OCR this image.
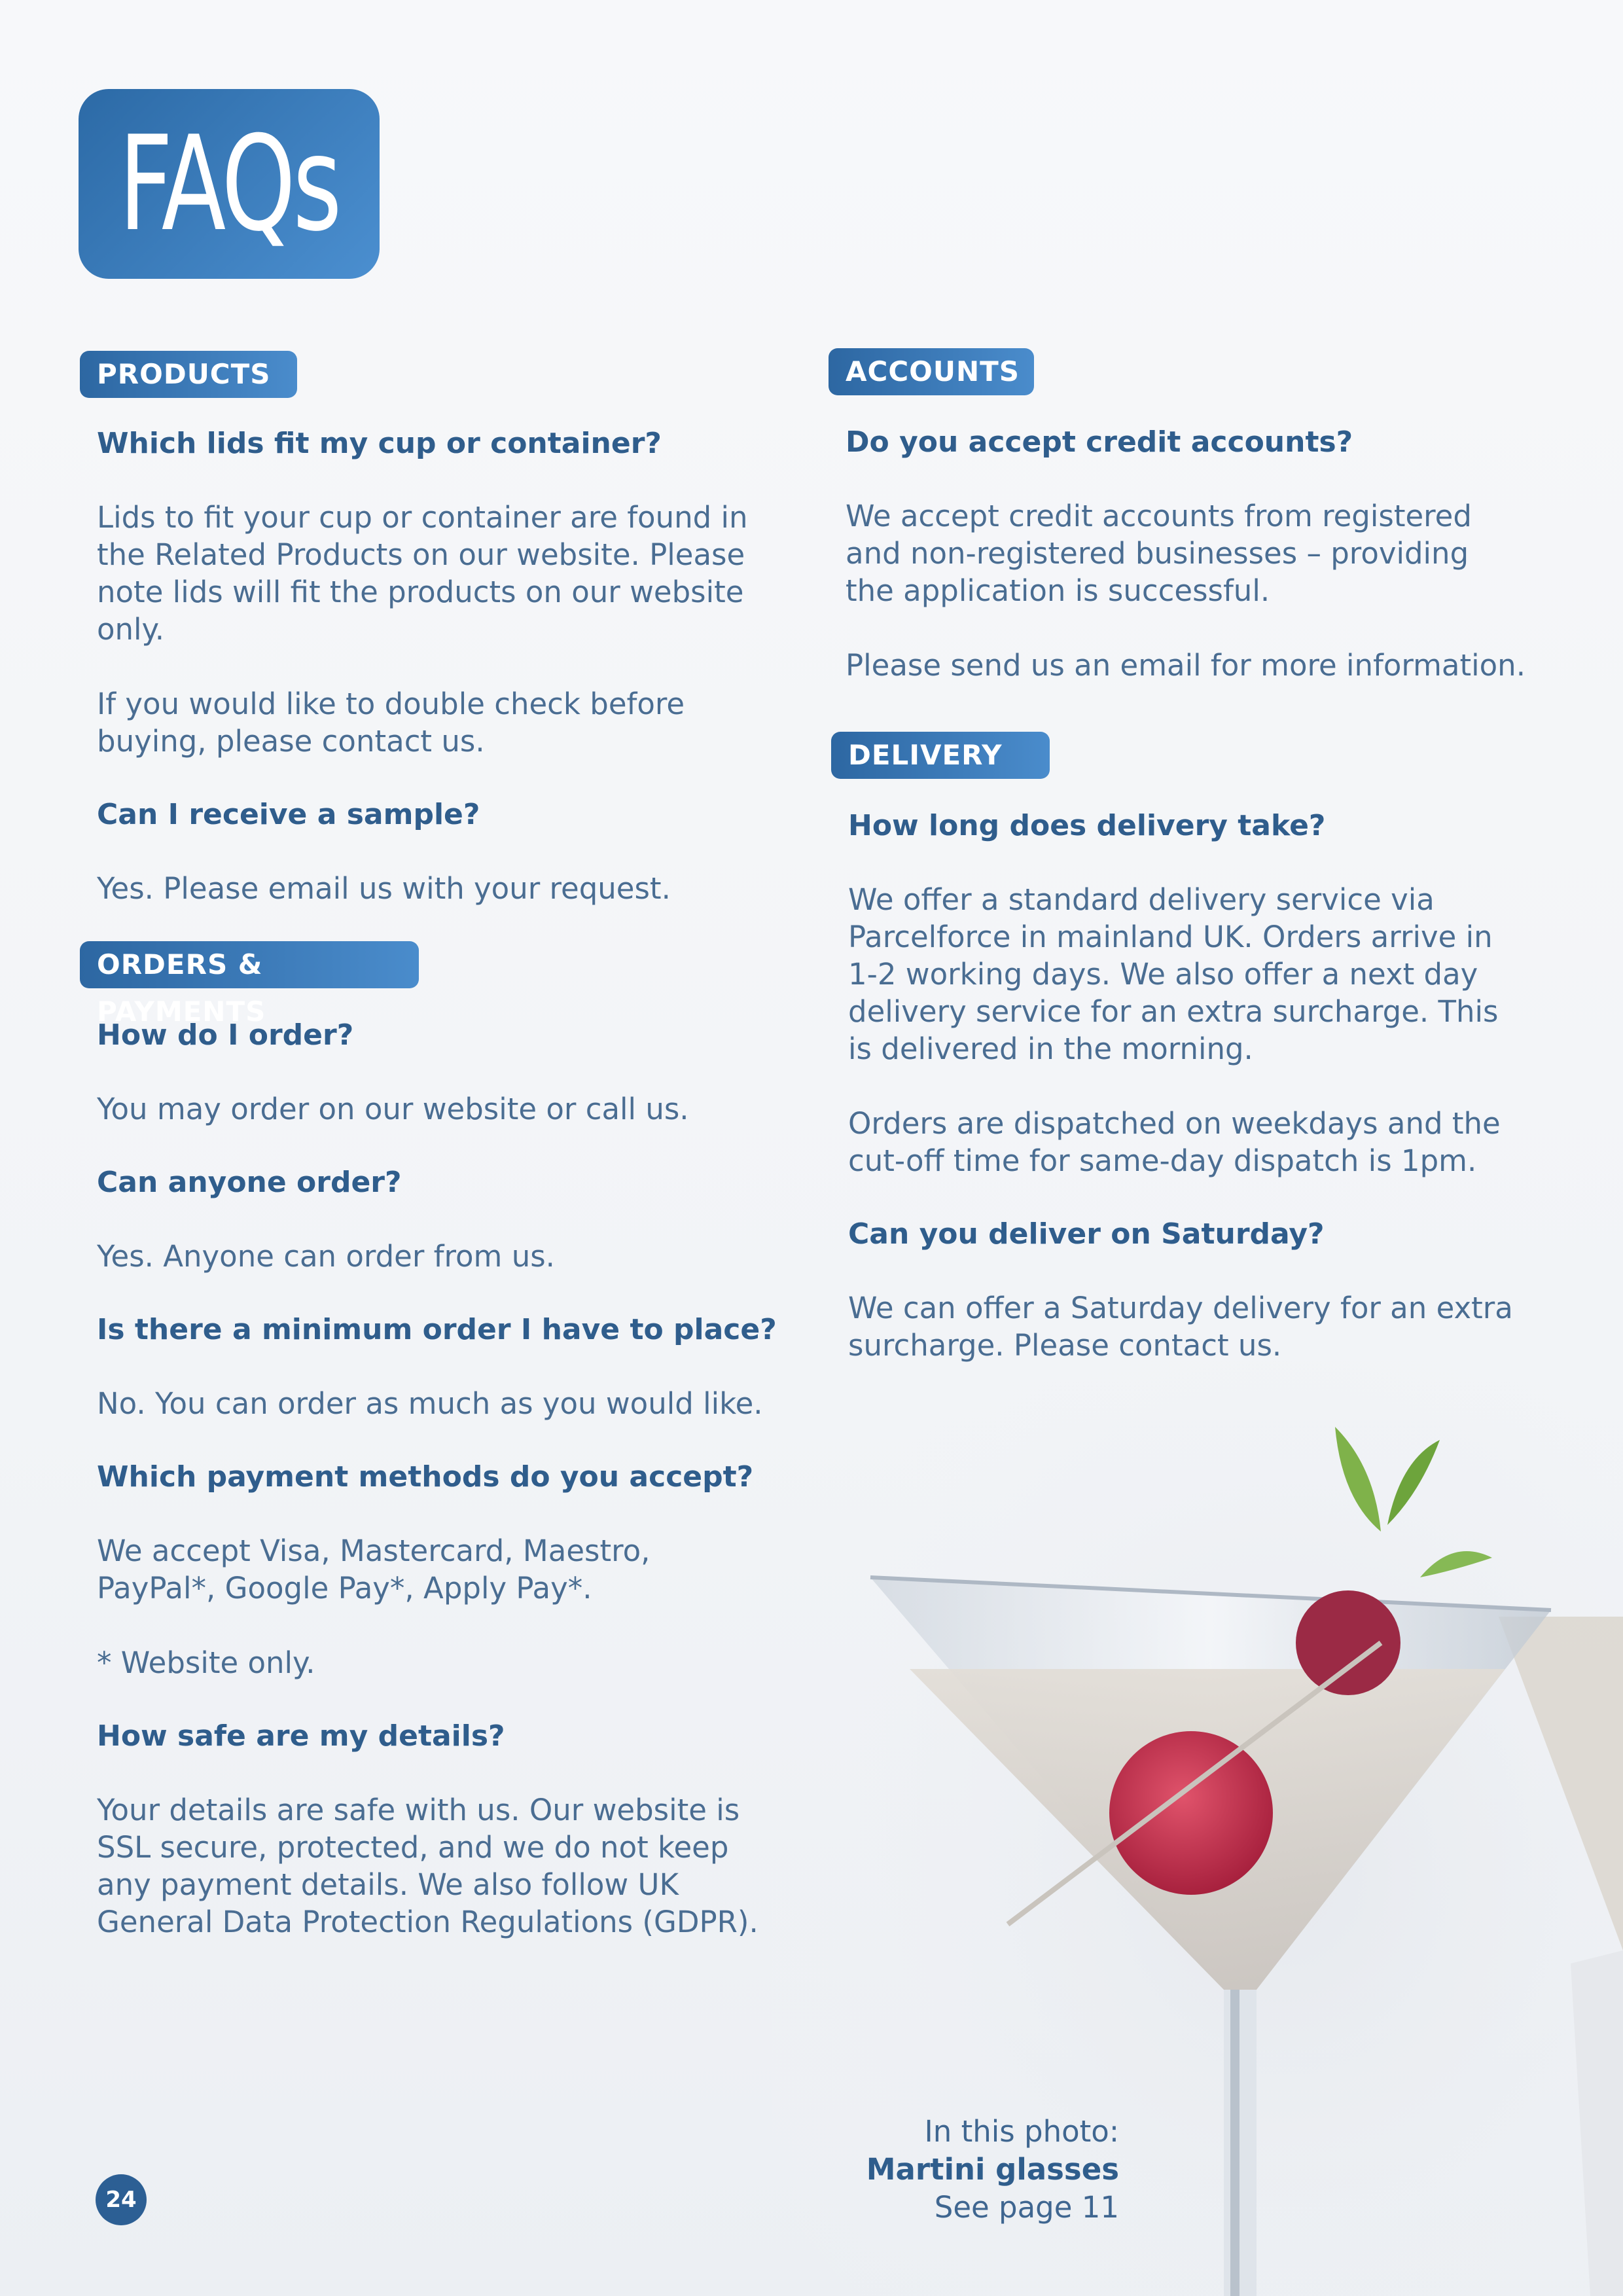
FAQs
PRODUCTS

Which lids fit my cup or container?

Lids to fit your cup or container are found in the Related Products on our website. Please note lids will fit the products on our website only.

If you would like to double check before buying, please contact us.

Can I receive a sample?

Yes. Please email us with your request.

ORDERS & PAYMENTS

How do I order?

You may order on our website or call us.

Can anyone order?

Yes. Anyone can order from us.

Is there a minimum order I have to place?

No. You can order as much as you would like.

Which payment methods do you accept?

We accept Visa, Mastercard, Maestro, PayPal*, Google Pay*, Apply Pay*.

* Website only.

How safe are my details?

Your details are safe with us. Our website is SSL secure, protected, and we do not keep any payment details. We also follow UK General Data Protection Regulations (GDPR).

ACCOUNTS

Do you accept credit accounts?

We accept credit accounts from registered and non-registered businesses – providing the application is successful.

Please send us an email for more information.

DELIVERY

How long does delivery take?

We offer a standard delivery service via Parcelforce in mainland UK. Orders arrive in 1-2 working days. We also offer a next day delivery service for an extra surcharge. This is delivered in the morning.

Orders are dispatched on weekdays and the cut-off time for same-day dispatch is 1pm.

Can you deliver on Saturday?

We can offer a Saturday delivery for an extra surcharge. Please contact us.

In this photo:
Martini glasses
See page 11
24
